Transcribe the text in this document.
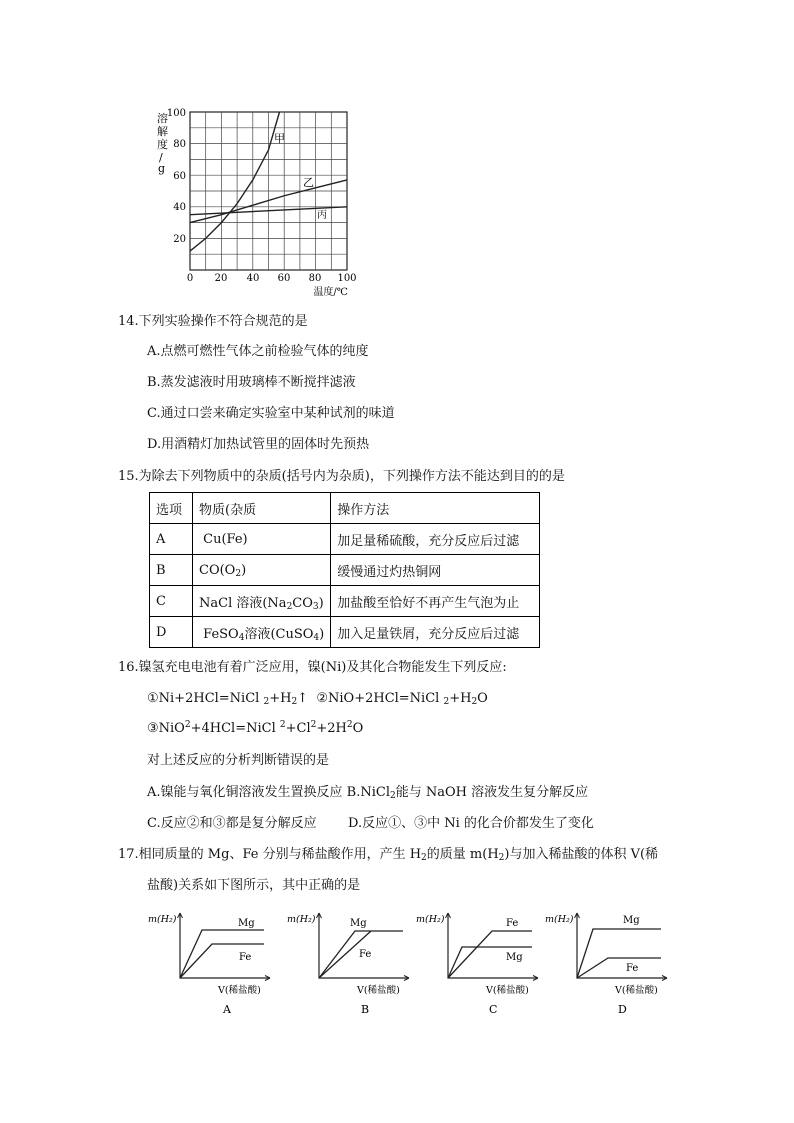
溶
解
度
/
g
100
80
60
40
20
0 20 40 60 80 100
温度/℃
甲
乙
丙
14.下列实验操作不符合规范的是
A.点燃可燃性气体之前检验气体的纯度
B.蒸发滤液时用玻璃棒不断搅拌滤液
C.通过口尝来确定实验室中某种试剂的味道
D.用酒精灯加热试管里的固体时先预热
15.为除去下列物质中的杂质(括号内为杂质)，下列操作方法不能达到目的的是
选项	物质(杂质	操作方法
A	Cu(Fe)	加足量稀硫酸，充分反应后过滤
B	$CO(O_2)$	缓慢通过灼热铜网
C	NaCl 溶液$(Na_2CO_3)$	加盐酸至恰好不再产生气泡为止
D	FeSO$_4$溶液(CuSO$_4$)	加入足量铁屑，充分反应后过滤
16.镍氢充电电池有着广泛应用，镍(Ni)及其化合物能发生下列反应:
①Ni+2HCl=NiCl $_2+H_2↑$ ②NiO+2HCl=NiCl $_2+H_2O$
③NiO$^2$+4HCl=NiCl $^2+Cl^2+2H^2O$
对上述反应的分析判断错误的是
A.镍能与氧化铜溶液发生置换反应 B.NiCl$_2$能与 NaOH 溶液发生复分解反应
C.反应②和③都是复分解反应 D.反应①、③中 Ni 的化合价都发生了变化
17.相同质量的 Mg、Fe 分别与稀盐酸作用，产生 $H_2$的质量 $m(H_2)$与加入稀盐酸的体积 V(稀
盐酸)关系如下图所示，其中正确的是
m(H₂)
V(稀盐酸)
Mg
Fe
A
m(H₂)
V(稀盐酸)
Mg
Fe
B
m(H₂)
V(稀盐酸)
Fe
Mg
C
m(H₂)
V(稀盐酸)
Mg
Fe
D
